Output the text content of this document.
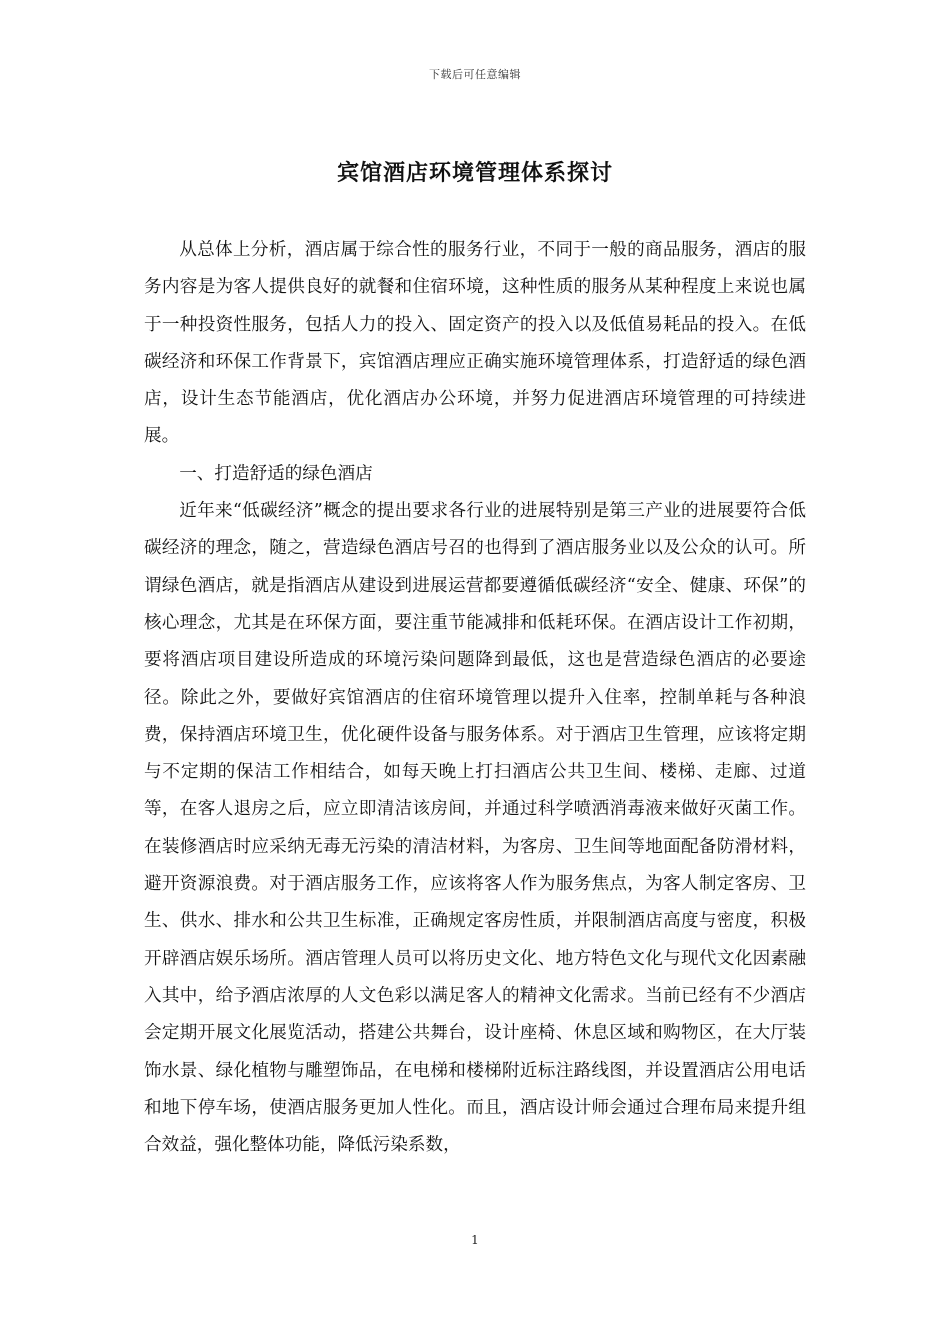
下载后可任意编辑
宾馆酒店环境管理体系探讨

从总体上分析，酒店属于综合性的服务行业，不同于一般的商品服务，酒店的服务内容是为客人提供良好的就餐和住宿环境，这种性质的服务从某种程度上来说也属于一种投资性服务，包括人力的投入、固定资产的投入以及低值易耗品的投入。在低碳经济和环保工作背景下，宾馆酒店理应正确实施环境管理体系，打造舒适的绿色酒店，设计生态节能酒店，优化酒店办公环境，并努力促进酒店环境管理的可持续进展。

一、打造舒适的绿色酒店

近年来“低碳经济”概念的提出要求各行业的进展特别是第三产业的进展要符合低碳经济的理念，随之，营造绿色酒店号召的也得到了酒店服务业以及公众的认可。所谓绿色酒店，就是指酒店从建设到进展运营都要遵循低碳经济“安全、健康、环保”的核心理念，尤其是在环保方面，要注重节能减排和低耗环保。在酒店设计工作初期，要将酒店项目建设所造成的环境污染问题降到最低，这也是营造绿色酒店的必要途径。除此之外，要做好宾馆酒店的住宿环境管理以提升入住率，控制单耗与各种浪费，保持酒店环境卫生，优化硬件设备与服务体系。对于酒店卫生管理，应该将定期与不定期的保洁工作相结合，如每天晚上打扫酒店公共卫生间、楼梯、走廊、过道等，在客人退房之后，应立即清洁该房间，并通过科学喷洒消毒液来做好灭菌工作。在装修酒店时应采纳无毒无污染的清洁材料，为客房、卫生间等地面配备防滑材料，避开资源浪费。对于酒店服务工作，应该将客人作为服务焦点，为客人制定客房、卫生、供水、排水和公共卫生标准，正确规定客房性质，并限制酒店高度与密度，积极开辟酒店娱乐场所。酒店管理人员可以将历史文化、地方特色文化与现代文化因素融入其中，给予酒店浓厚的人文色彩以满足客人的精神文化需求。当前已经有不少酒店会定期开展文化展览活动，搭建公共舞台，设计座椅、休息区域和购物区，在大厅装饰水景、绿化植物与雕塑饰品，在电梯和楼梯附近标注路线图，并设置酒店公用电话和地下停车场，使酒店服务更加人性化。而且，酒店设计师会通过合理布局来提升组合效益，强化整体功能，降低污染系数，

1
